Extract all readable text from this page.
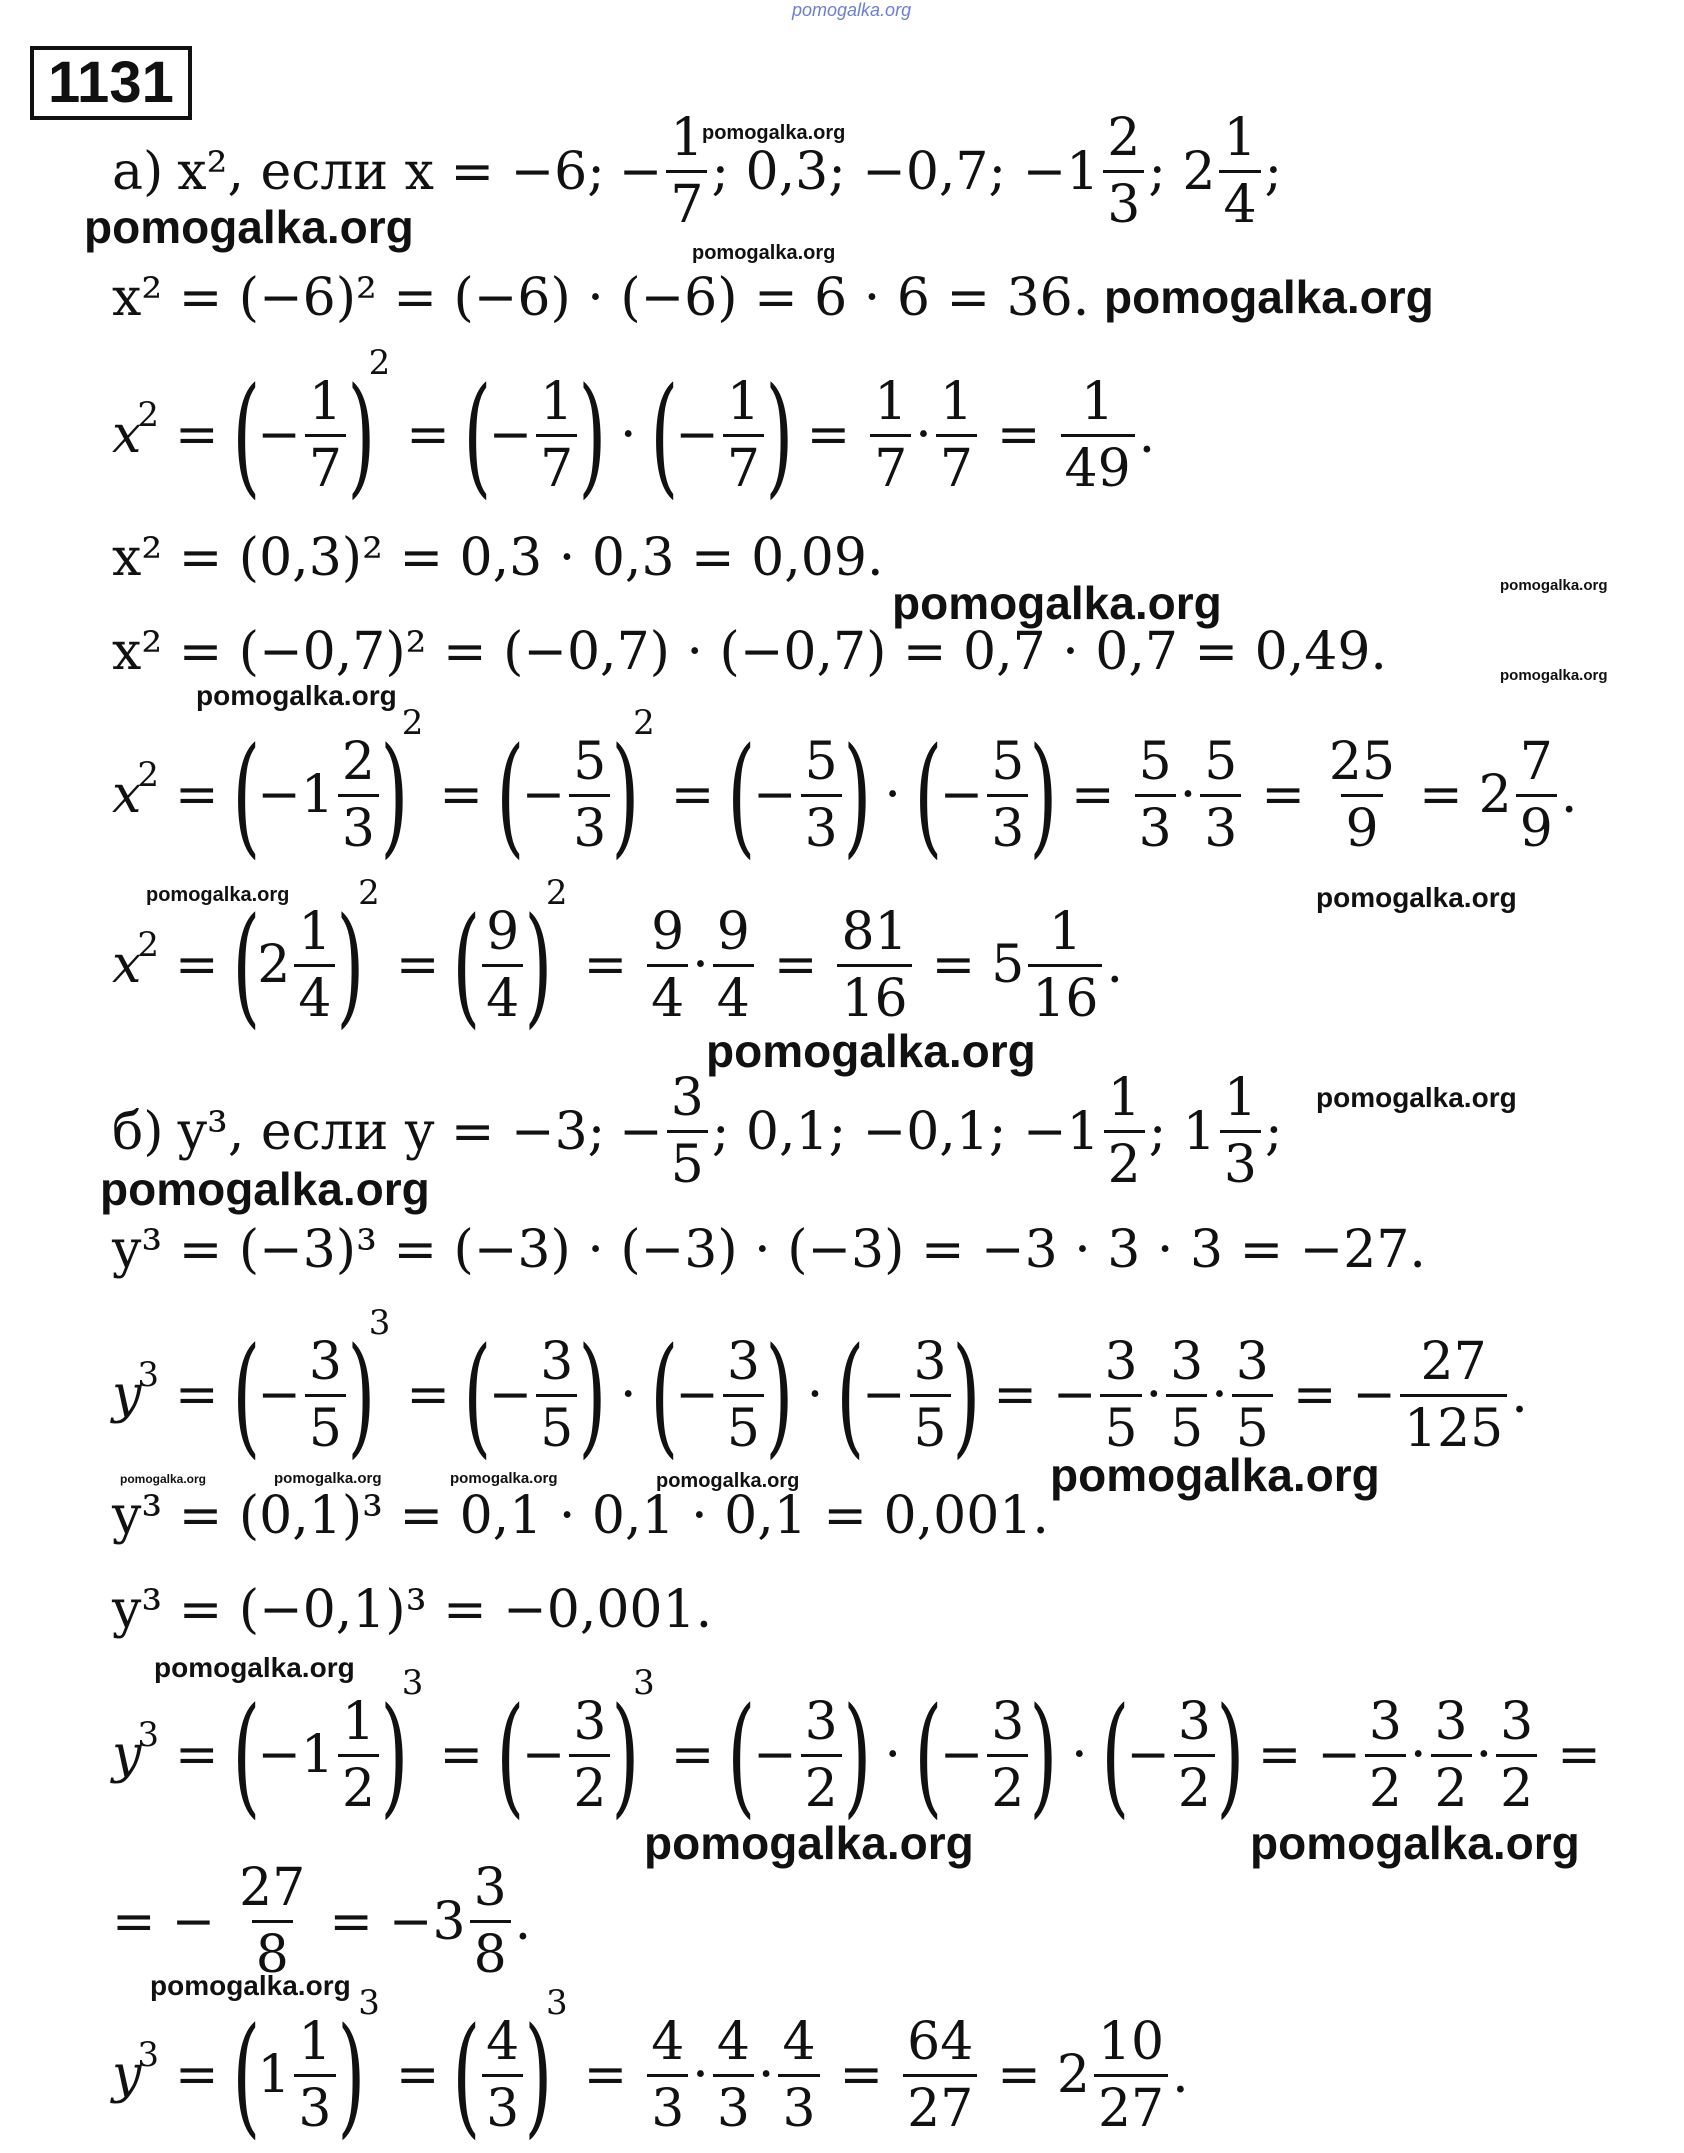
pomogalka.org
1131
а) x², если x = −6; − $\frac{1}{7}$ ; 0,3; −0,7; $-1 \frac{2}{3}$ ; $2 \frac{1}{4}$ ;
x² = (−6)² = (−6) · (−6) = 6 · 6 = 36.
x
2 = (
− $\frac{1}{7}$ )
2
= (
− $\frac{1}{7}$ ) · (
− $\frac{1}{7}$ ) = $\frac{1}{7} \cdot \frac{1}{7} = \frac{1}{49}$ .
x² = (0,3)² = 0,3 · 0,3 = 0,09.
x² = (−0,7)² = (−0,7) · (−0,7) = 0,7 · 0,7 = 0,49.
x
2 = (
$-1 \frac{2}{3}$ )
2
= (
− $\frac{5}{3}$ )
2
= (
− $\frac{5}{3}$ ) · (
− $\frac{5}{3}$ ) = $\frac{5}{3} \cdot \frac{5}{3} = \frac{25}{9} = 2 \frac{7}{9}$ .
x
2 = (
$2 \frac{1}{4}$ )
2
= ( $\frac{9}{4}$ )
2
= $\frac{9}{4} \cdot \frac{9}{4} = \frac{81}{16} = 5 \frac{1}{16}$ .
б) y³, если y = −3; − $\frac{3}{5}$ ; 0,1; −0,1; $-1 \frac{1}{2}$ ; $1 \frac{1}{3}$ ;
y³ = (−3)³ = (−3) · (−3) · (−3) = −3 · 3 · 3 = −27.
y
3 = (
− $\frac{3}{5}$ )
3
= (
− $\frac{3}{5}$ ) · (
− $\frac{3}{5}$ ) · (
− $\frac{3}{5}$ ) = − $\frac{3}{5} \cdot \frac{3}{5} \cdot \frac{3}{5}$ = − $\frac{27}{125}$ .
y³ = (0,1)³ = 0,1 · 0,1 · 0,1 = 0,001.
y³ = (−0,1)³ = −0,001.
y
3 = (
$-1 \frac{1}{2}$ )
3
= (
− $\frac{3}{2}$ )
3
= (
− $\frac{3}{2}$ ) · (
− $\frac{3}{2}$ ) · (
− $\frac{3}{2}$ ) = − $\frac{3}{2} \cdot \frac{3}{2} \cdot \frac{3}{2}$ =
= − $\frac{27}{8} = -3 \frac{3}{8}$ .
y
3 = (
$1 \frac{1}{3}$ )
3
= ( $\frac{4}{3}$ )
3
= $\frac{4}{3} \cdot \frac{4}{3} \cdot \frac{4}{3} = \frac{64}{27} = 2 \frac{10}{27}$ .
pomogalka.org
pomogalka.org	pomogalka.org
pomogalka.org
pomogalka.org	pomogalka.org
pomogalka.org
pomogalka.org
pomogalka.org	pomogalka.org
pomogalka.org
pomogalka.org
pomogalka.org
pomogalka.org	pomogalka.org	pomogalka.org	pomogalka.org	pomogalka.org
pomogalka.org
pomogalka.org	pomogalka.org
pomogalka.org
